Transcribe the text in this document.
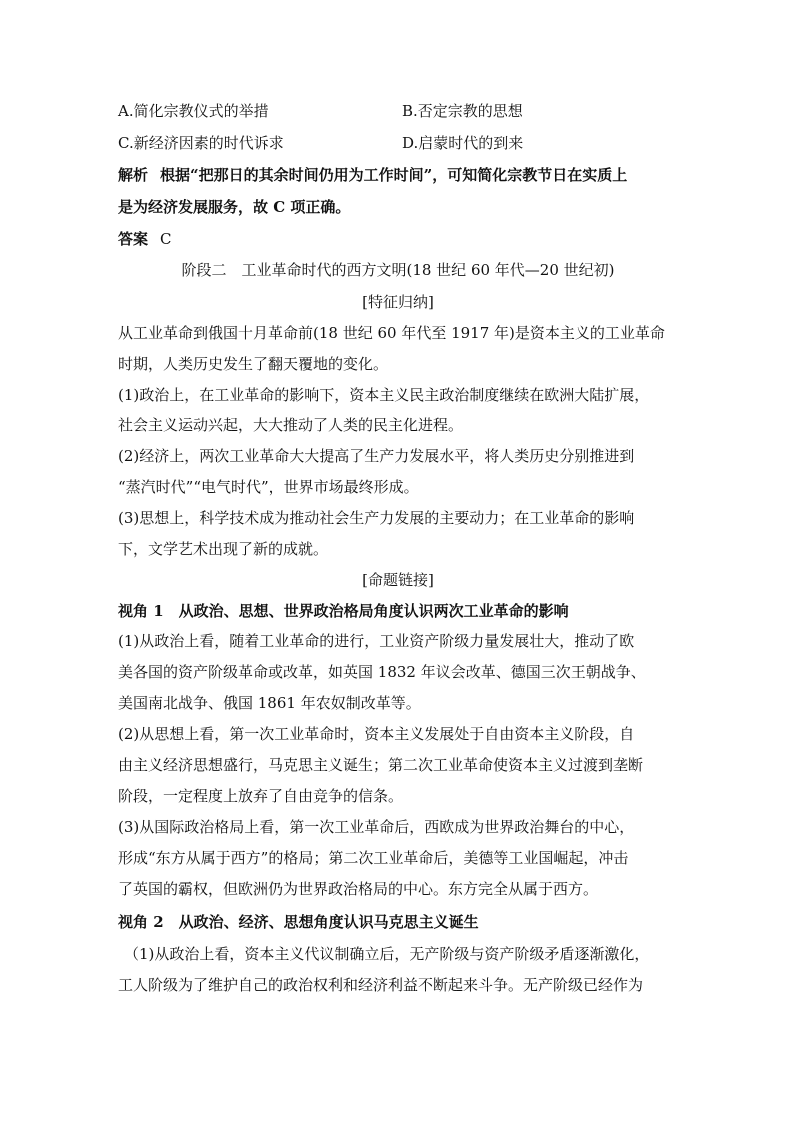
A.简化宗教仪式的举措	B.否定宗教的思想
C.新经济因素的时代诉求	D.启蒙时代的到来
解析 根据“把那日的其余时间仍用为工作时间”，可知简化宗教节日在实质上
是为经济发展服务，故 C 项正确。
答案 C
阶段二　工业革命时代的西方文明(18 世纪 60 年代—20 世纪初)
[特征归纳]
从工业革命到俄国十月革命前(18 世纪 60 年代至 1917 年)是资本主义的工业革命
时期，人类历史发生了翻天覆地的变化。
(1)政治上，在工业革命的影响下，资本主义民主政治制度继续在欧洲大陆扩展，
社会主义运动兴起，大大推动了人类的民主化进程。
(2)经济上，两次工业革命大大提高了生产力发展水平，将人类历史分别推进到
“蒸汽时代”“电气时代”，世界市场最终形成。
(3)思想上，科学技术成为推动社会生产力发展的主要动力；在工业革命的影响
下，文学艺术出现了新的成就。
[命题链接]
视角 1　从政治、思想、世界政治格局角度认识两次工业革命的影响
(1)从政治上看，随着工业革命的进行，工业资产阶级力量发展壮大，推动了欧
美各国的资产阶级革命或改革，如英国 1832 年议会改革、德国三次王朝战争、
美国南北战争、俄国 1861 年农奴制改革等。
(2)从思想上看，第一次工业革命时，资本主义发展处于自由资本主义阶段，自
由主义经济思想盛行，马克思主义诞生；第二次工业革命使资本主义过渡到垄断
阶段，一定程度上放弃了自由竞争的信条。
(3)从国际政治格局上看，第一次工业革命后，西欧成为世界政治舞台的中心，
形成“东方从属于西方”的格局；第二次工业革命后，美德等工业国崛起，冲击
了英国的霸权，但欧洲仍为世界政治格局的中心。东方完全从属于西方。
视角 2　从政治、经济、思想角度认识马克思主义诞生
（1)从政治上看，资本主义代议制确立后，无产阶级与资产阶级矛盾逐渐激化，
工人阶级为了维护自己的政治权利和经济利益不断起来斗争。无产阶级已经作为
